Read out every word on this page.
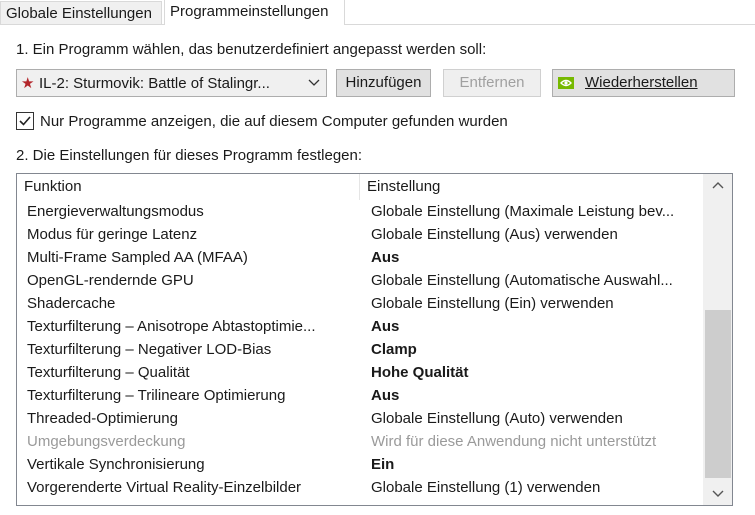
Globale Einstellungen	Programmeinstellungen
1. Ein Programm wählen, das benutzerdefiniert angepasst werden soll:
★ IL-2: Sturmovik: Battle of Stalingr...	Hinzufügen	Entfernen	Wiederherstellen
Nur Programme anzeigen, die auf diesem Computer gefunden wurden
2. Die Einstellungen für dieses Programm festlegen:
Funktion	Einstellung
Energieverwaltungsmodus	Globale Einstellung (Maximale Leistung bev...
Modus für geringe Latenz	Globale Einstellung (Aus) verwenden
Multi-Frame Sampled AA (MFAA)	Aus
OpenGL-rendernde GPU	Globale Einstellung (Automatische Auswahl...
Shadercache	Globale Einstellung (Ein) verwenden
Texturfilterung – Anisotrope Abtastoptimie...	Aus
Texturfilterung – Negativer LOD-Bias	Clamp
Texturfilterung – Qualität	Hohe Qualität
Texturfilterung – Trilineare Optimierung	Aus
Threaded-Optimierung	Globale Einstellung (Auto) verwenden
Umgebungsverdeckung	Wird für diese Anwendung nicht unterstützt
Vertikale Synchronisierung	Ein
Vorgerenderte Virtual Reality-Einzelbilder	Globale Einstellung (1) verwenden
